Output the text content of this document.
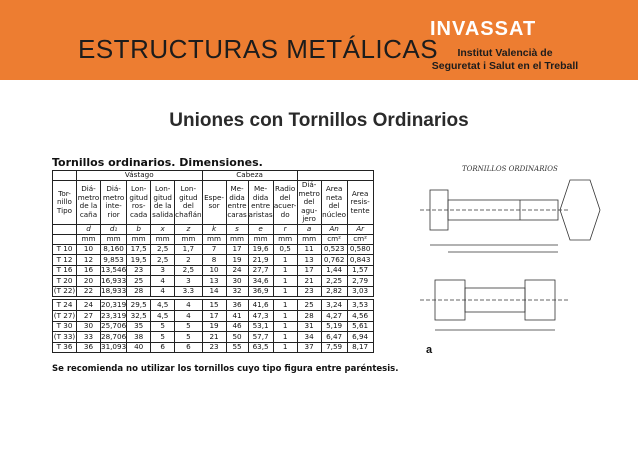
ESTRUCTURAS METÁLICAS
INVASSAT
Institut Valencià de
Seguretat i Salut en el Treball
Uniones con Tornillos Ordinarios
Tornillos ordinarios. Dimensiones.
	Vástago					Cabeza						
Tor-nillo Tipo	Diá-metro de la caña	Diá-metro inte-rior	Lon-gitud ros-cada	Lon-gitud de la salida	Lon-gitud del chaflán	Espe-sor	Me-dida entre caras	Me-dida entre aristas	Radio del acuer-do	Diá-metro del agu-jero	Area neta del núcleo	Area resis-tente
	d	d₁	b	x	z	k	s	e	r	a	An	Ar
	mm	mm	mm	mm	mm	mm	mm	mm	mm	mm	cm²	cm²
T 10	10	8,160	17,5	2,5	1,7	7	17	19,6	0,5	11	0,523	0,580
T 12	12	9,853	19,5	2,5	2	8	19	21,9	1	13	0,762	0,843
T 16	16	13,546	23	3	2,5	10	24	27,7	1	17	1,44	1,57
T 20	20	16,933	25	4	3	13	30	34,6	1	21	2,25	2,79
(T 22)	22	18,933	28	4	3.3	14	32	36,9	1	23	2,82	3,03
T 24	24	20,319	29,5	4,5	4	15	36	41,6	1	25	3,24	3,53
(T 27)	27	23,319	32,5	4,5	4	17	41	47,3	1	28	4,27	4,56
T 30	30	25,706	35	5	5	19	46	53,1	1	31	5,19	5,61
(T 33)	33	28,706	38	5	5	21	50	57,7	1	34	6,47	6,94
T 36	36	31,093	40	6	6	23	55	63,5	1	37	7,59	8,17
Se recomienda no utilizar los tornillos cuyo tipo figura entre paréntesis.
TORNILLOS ORDINARIOS
a
